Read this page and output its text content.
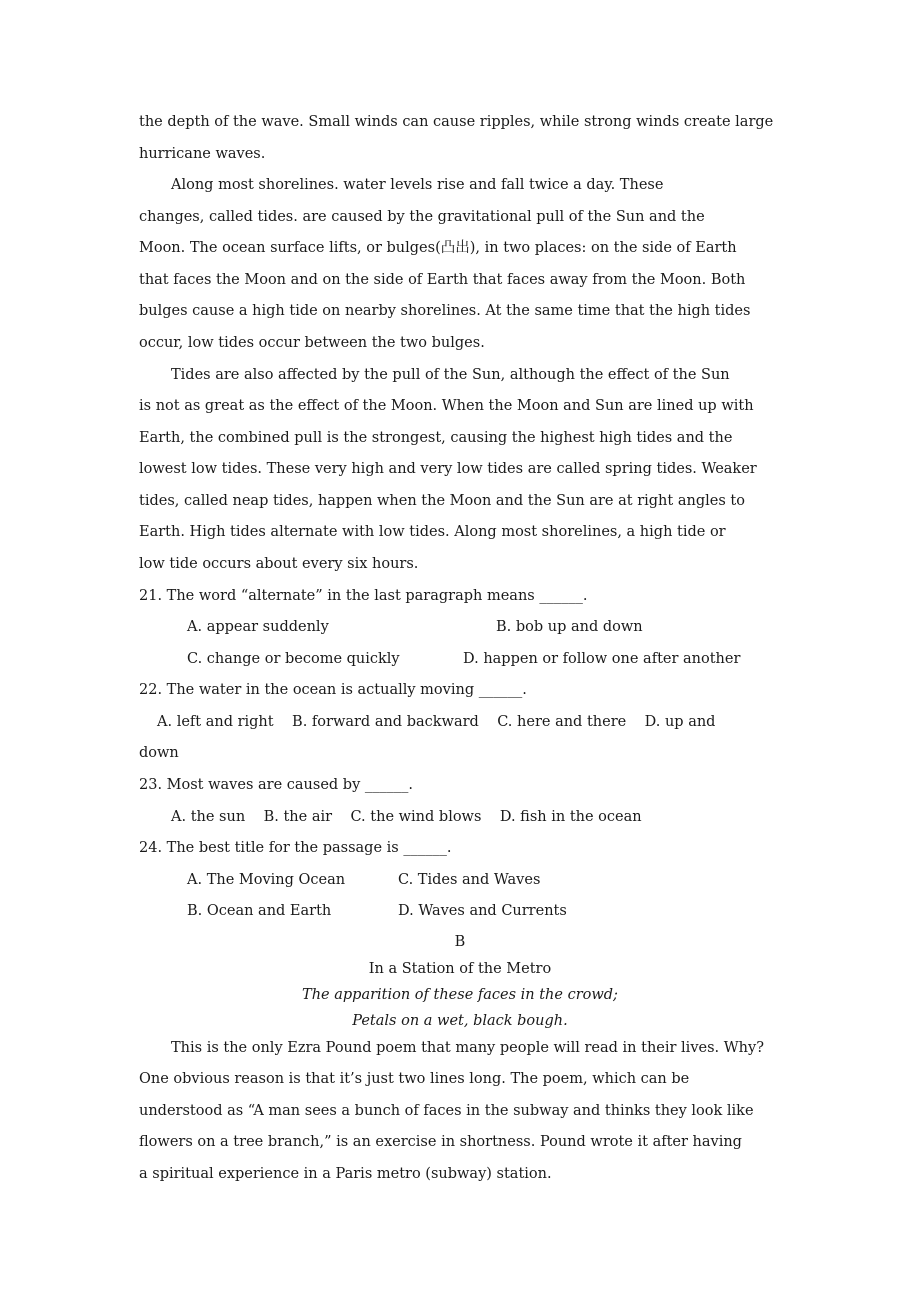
the depth of the wave. Small winds can cause ripples, while strong winds create large
hurricane waves.
Along most shorelines. water levels rise and fall twice a day. These
changes, called tides. are caused by the gravitational pull of the Sun and the
Moon. The ocean surface lifts, or bulges(凸出), in two places: on the side of Earth
that faces the Moon and on the side of Earth that faces away from the Moon. Both
bulges cause a high tide on nearby shorelines. At the same time that the high tides
occur, low tides occur between the two bulges.
Tides are also affected by the pull of the Sun, although the effect of the Sun
is not as great as the effect of the Moon. When the Moon and Sun are lined up with
Earth, the combined pull is the strongest, causing the highest high tides and the
lowest low tides. These very high and very low tides are called spring tides. Weaker
tides, called neap tides, happen when the Moon and the Sun are at right angles to
Earth. High tides alternate with low tides. Along most shorelines, a high tide or
low tide occurs about every six hours.
21. The word “alternate” in the last paragraph means ______.
A. appear suddenly	B. bob up and down
C. change or become quickly	D. happen or follow one after another
22. The water in the ocean is actually moving ______.
A. left and right    B. forward and backward    C. here and there    D. up and
down
23. Most waves are caused by ______.
A. the sun    B. the air    C. the wind blows    D. fish in the ocean
24. The best title for the passage is ______.
A. The Moving Ocean	C. Tides and Waves
B. Ocean and Earth	D. Waves and Currents
B
In a Station of the Metro
The apparition of these faces in the crowd;
Petals on a wet, black bough.
This is the only Ezra Pound poem that many people will read in their lives. Why?
One obvious reason is that it’s just two lines long. The poem, which can be
understood as “A man sees a bunch of faces in the subway and thinks they look like
flowers on a tree branch,” is an exercise in shortness. Pound wrote it after having
a spiritual experience in a Paris metro (subway) station.
